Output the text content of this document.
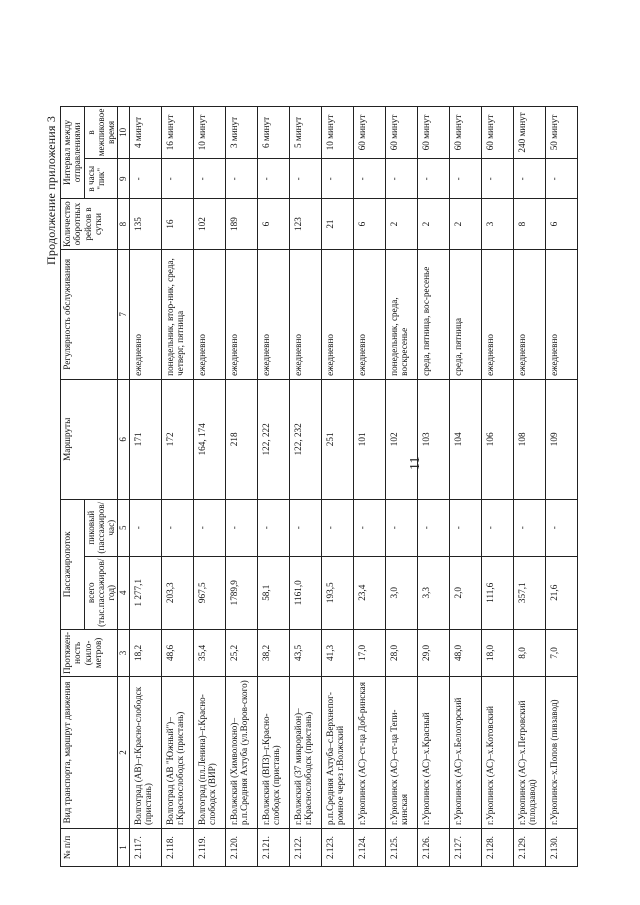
11
Продолжение приложения 3
№ п/п	Вид транспорта, маршрут движения	Протяжен-ность (кило-метров)	Пассажиропоток		Маршруты	Регулярность обслуживания	Количество оборотных рейсов в сутки	Интервал между отправлениями	
			всего (тыс.пассажиров/год)	пиковый (пассажиров/час)				в часы "пик"	в межпиковое время
1	2	3	4	5	6	7	8	9	10
2.117.	Волгоград (АВ)–г.Красно-слободск (пристань)	18,2	1 277,1	-	171	ежедневно	135	-	4 минут
2.118.	Волгоград (АВ "Южный")–г.Краснослободск (пристань)	48,6	203,3	-	172	понедельник, втор-ник, среда, четверг, пятница	16	-	16 минут
2.119.	Волгоград (пл.Ленина)–г.Красно-слободск (ВИР)	35,4	967,5	-	164, 174	ежедневно	102	-	10 минут
2.120.	г.Волжский (Химволокно)–р.п.Средняя Ахтуба (ул.Воров-ского)	25,2	1789,9	-	218	ежедневно	189	-	3 минут
2.121.	г.Волжский (ВПЗ)–г.Красно-слободск (пристань)	38,2	58,1	-	122, 222	ежедневно	6	-	6 минут
2.122.	г.Волжский (37 микрорайон)–г.Краснослободск (пристань)	43,5	1161,0	-	122, 232	ежедневно	123	-	5 минут
2.123.	р.п.Средняя Ахтуба–с.Верхнепог-ромное через г.Волжский	41,3	193,5	-	251	ежедневно	21	-	10 минут
2.124.	г.Урюпинск (АС)–ст-ца Доб-ринская	17,0	23,4	-	101	ежедневно	6	-	60 минут
2.125.	г.Урюпинск (АС)–ст-ца Тепи-кинская	28,0	3,0	-	102	понедельник, среда, воскресенье	2	-	60 минут
2.126.	г.Урюпинск (АС)–х.Красный	29,0	3,3	-	103	среда, пятница, вос-ресенье	2	-	60 минут
2.127.	г.Урюпинск (АС)–х.Белогорский	48,0	2,0	-	104	среда, пятница	2	-	60 минут
2.128.	г.Урюпинск (АС)–х.Котовский	18,0	111,6	-	106	ежедневно	3	-	60 минут
2.129.	г.Урюпинск (АС)–х.Петровский (плодзавод)	8,0	357,1	-	108	ежедневно	8	-	240 минут
2.130.	г.Урюпинск–х.Попов (пивзавод)	7,0	21,6	-	109	ежедневно	6	-	50 минут
